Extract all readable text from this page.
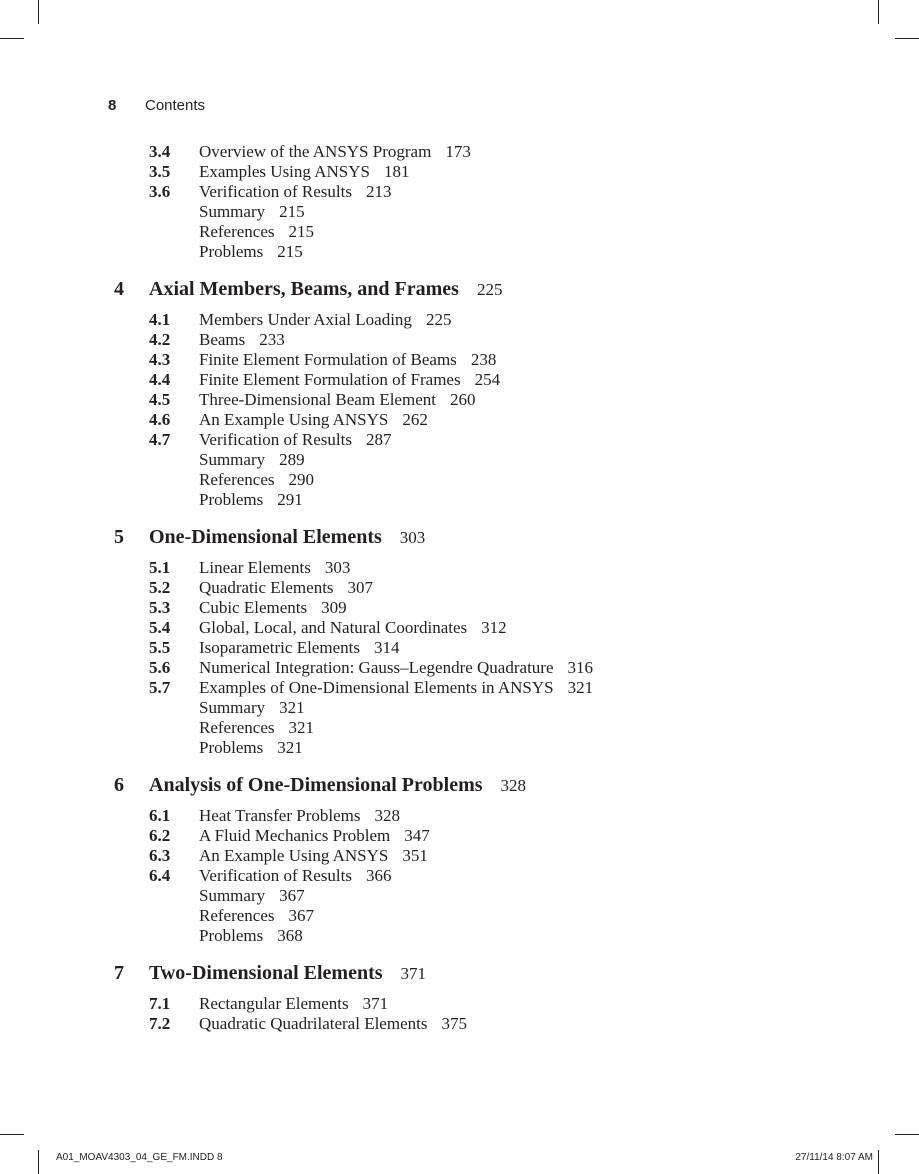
8	Contents
3.4 Overview of the ANSYS Program 173
3.5 Examples Using ANSYS 181
3.6 Verification of Results 213
Summary 215
References 215
Problems 215
4 Axial Members, Beams, and Frames 225
4.1 Members Under Axial Loading 225
4.2 Beams 233
4.3 Finite Element Formulation of Beams 238
4.4 Finite Element Formulation of Frames 254
4.5 Three-Dimensional Beam Element 260
4.6 An Example Using ANSYS 262
4.7 Verification of Results 287
Summary 289
References 290
Problems 291
5 One-Dimensional Elements 303
5.1 Linear Elements 303
5.2 Quadratic Elements 307
5.3 Cubic Elements 309
5.4 Global, Local, and Natural Coordinates 312
5.5 Isoparametric Elements 314
5.6 Numerical Integration: Gauss–Legendre Quadrature 316
5.7 Examples of One-Dimensional Elements in ANSYS 321
Summary 321
References 321
Problems 321
6 Analysis of One-Dimensional Problems 328
6.1 Heat Transfer Problems 328
6.2 A Fluid Mechanics Problem 347
6.3 An Example Using ANSYS 351
6.4 Verification of Results 366
Summary 367
References 367
Problems 368
7 Two-Dimensional Elements 371
7.1 Rectangular Elements 371
7.2 Quadratic Quadrilateral Elements 375
A01_MOAV4303_04_GE_FM.INDD 8	27/11/14 8:07 AM
